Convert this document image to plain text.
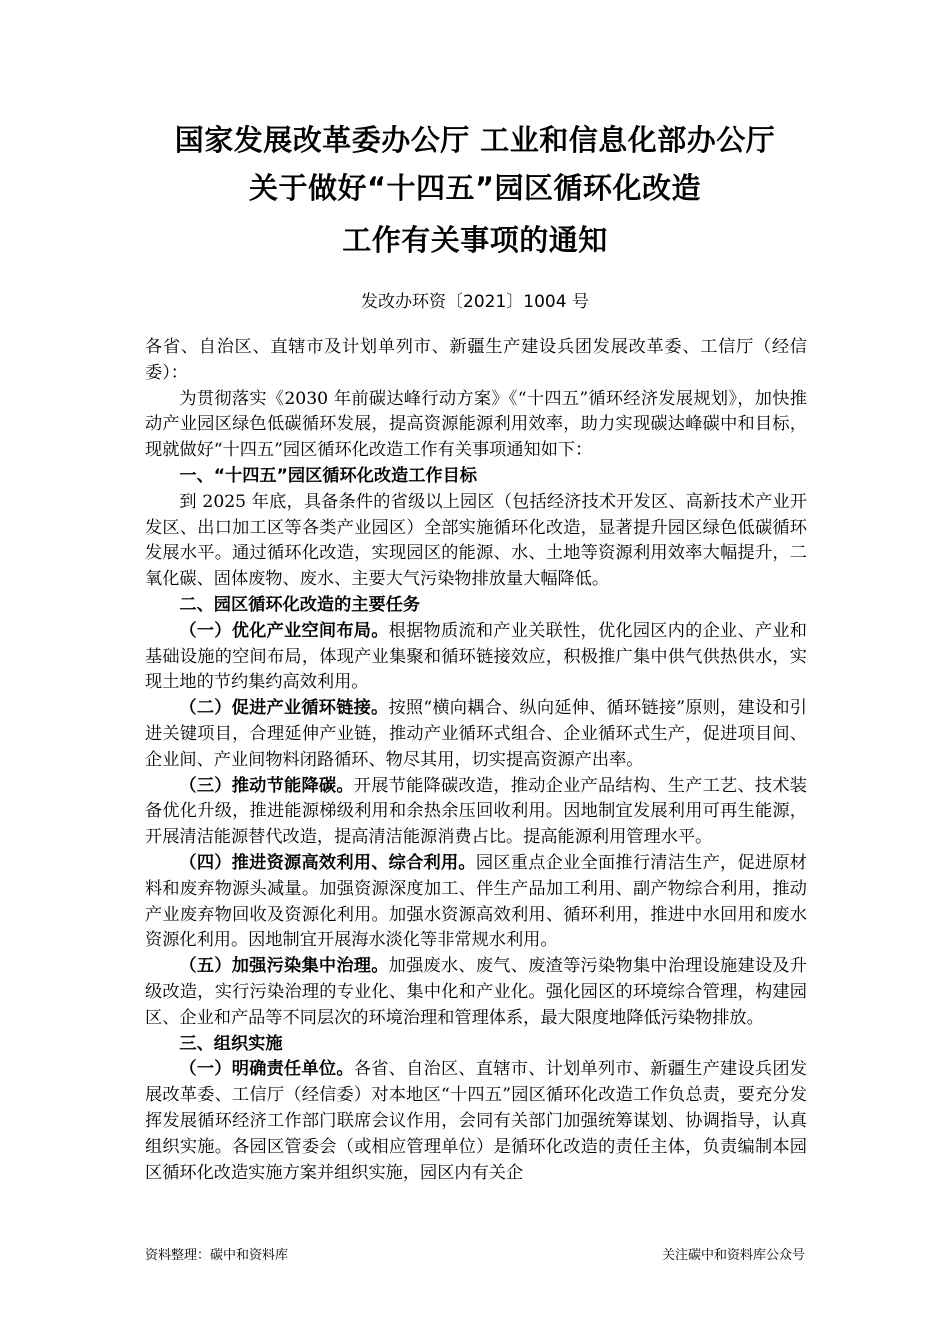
国家发展改革委办公厅 工业和信息化部办公厅
关于做好“十四五”园区循环化改造
工作有关事项的通知
发改办环资〔2021〕1004 号

各省、自治区、直辖市及计划单列市、新疆生产建设兵团发展改革委、工信厅（经信委）：

为贯彻落实《2030 年前碳达峰行动方案》《“十四五”循环经济发展规划》，加快推动产业园区绿色低碳循环发展，提高资源能源利用效率，助力实现碳达峰碳中和目标，现就做好“十四五”园区循环化改造工作有关事项通知如下：

一、“十四五”园区循环化改造工作目标

到 2025 年底，具备条件的省级以上园区（包括经济技术开发区、高新技术产业开发区、出口加工区等各类产业园区）全部实施循环化改造，显著提升园区绿色低碳循环发展水平。通过循环化改造，实现园区的能源、水、土地等资源利用效率大幅提升，二氧化碳、固体废物、废水、主要大气污染物排放量大幅降低。

二、园区循环化改造的主要任务

（一）优化产业空间布局。根据物质流和产业关联性，优化园区内的企业、产业和基础设施的空间布局，体现产业集聚和循环链接效应，积极推广集中供气供热供水，实现土地的节约集约高效利用。

（二）促进产业循环链接。按照“横向耦合、纵向延伸、循环链接”原则，建设和引进关键项目，合理延伸产业链，推动产业循环式组合、企业循环式生产，促进项目间、企业间、产业间物料闭路循环、物尽其用，切实提高资源产出率。

（三）推动节能降碳。开展节能降碳改造，推动企业产品结构、生产工艺、技术装备优化升级，推进能源梯级利用和余热余压回收利用。因地制宜发展利用可再生能源，开展清洁能源替代改造，提高清洁能源消费占比。提高能源利用管理水平。

（四）推进资源高效利用、综合利用。园区重点企业全面推行清洁生产，促进原材料和废弃物源头减量。加强资源深度加工、伴生产品加工利用、副产物综合利用，推动产业废弃物回收及资源化利用。加强水资源高效利用、循环利用，推进中水回用和废水资源化利用。因地制宜开展海水淡化等非常规水利用。

（五）加强污染集中治理。加强废水、废气、废渣等污染物集中治理设施建设及升级改造，实行污染治理的专业化、集中化和产业化。强化园区的环境综合管理，构建园区、企业和产品等不同层次的环境治理和管理体系，最大限度地降低污染物排放。

三、组织实施

（一）明确责任单位。各省、自治区、直辖市、计划单列市、新疆生产建设兵团发展改革委、工信厅（经信委）对本地区“十四五”园区循环化改造工作负总责，要充分发挥发展循环经济工作部门联席会议作用，会同有关部门加强统筹谋划、协调指导，认真组织实施。各园区管委会（或相应管理单位）是循环化改造的责任主体，负责编制本园区循环化改造实施方案并组织实施，园区内有关企

资料整理：碳中和资料库	关注碳中和资料库公众号
